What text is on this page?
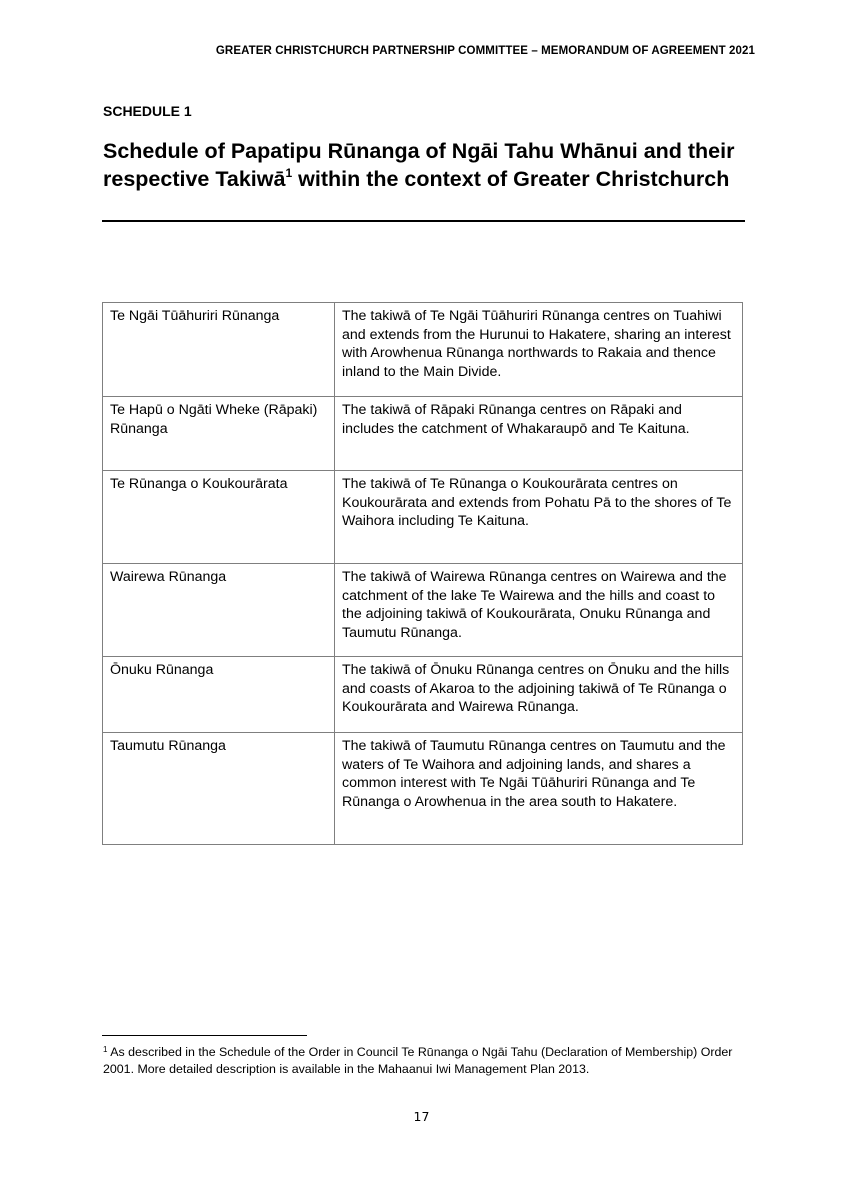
GREATER CHRISTCHURCH PARTNERSHIP COMMITTEE – MEMORANDUM OF AGREEMENT 2021
SCHEDULE 1
Schedule of Papatipu Rūnanga of Ngāi Tahu Whānui and their respective Takiwā$^1$ within the context of Greater Christchurch
Te Ngāi Tūāhuriri Rūnanga	The takiwā of Te Ngāi Tūāhuriri Rūnanga centres on Tuahiwi and extends from the Hurunui to Hakatere, sharing an interest with Arowhenua Rūnanga northwards to Rakaia and thence inland to the Main Divide.
Te Hapū o Ngāti Wheke (Rāpaki) Rūnanga	The takiwā of Rāpaki Rūnanga centres on Rāpaki and includes the catchment of Whakaraupō and Te Kaituna.
Te Rūnanga o Koukourārata	The takiwā of Te Rūnanga o Koukourārata centres on Koukourārata and extends from Pohatu Pā to the shores of Te Waihora including Te Kaituna.
Wairewa Rūnanga	The takiwā of Wairewa Rūnanga centres on Wairewa and the catchment of the lake Te Wairewa and the hills and coast to the adjoining takiwā of Koukourārata, Onuku Rūnanga and Taumutu Rūnanga.
Ōnuku Rūnanga	The takiwā of Ōnuku Rūnanga centres on Ōnuku and the hills and coasts of Akaroa to the adjoining takiwā of Te Rūnanga o Koukourārata and Wairewa Rūnanga.
Taumutu Rūnanga	The takiwā of Taumutu Rūnanga centres on Taumutu and the waters of Te Waihora and adjoining lands, and shares a common interest with Te Ngāi Tūāhuriri Rūnanga and Te Rūnanga o Arowhenua in the area south to Hakatere.
$^1$ As described in the Schedule of the Order in Council Te Rūnanga o Ngāi Tahu (Declaration of Membership) Order 2001. More detailed description is available in the Mahaanui Iwi Management Plan 2013.
17
